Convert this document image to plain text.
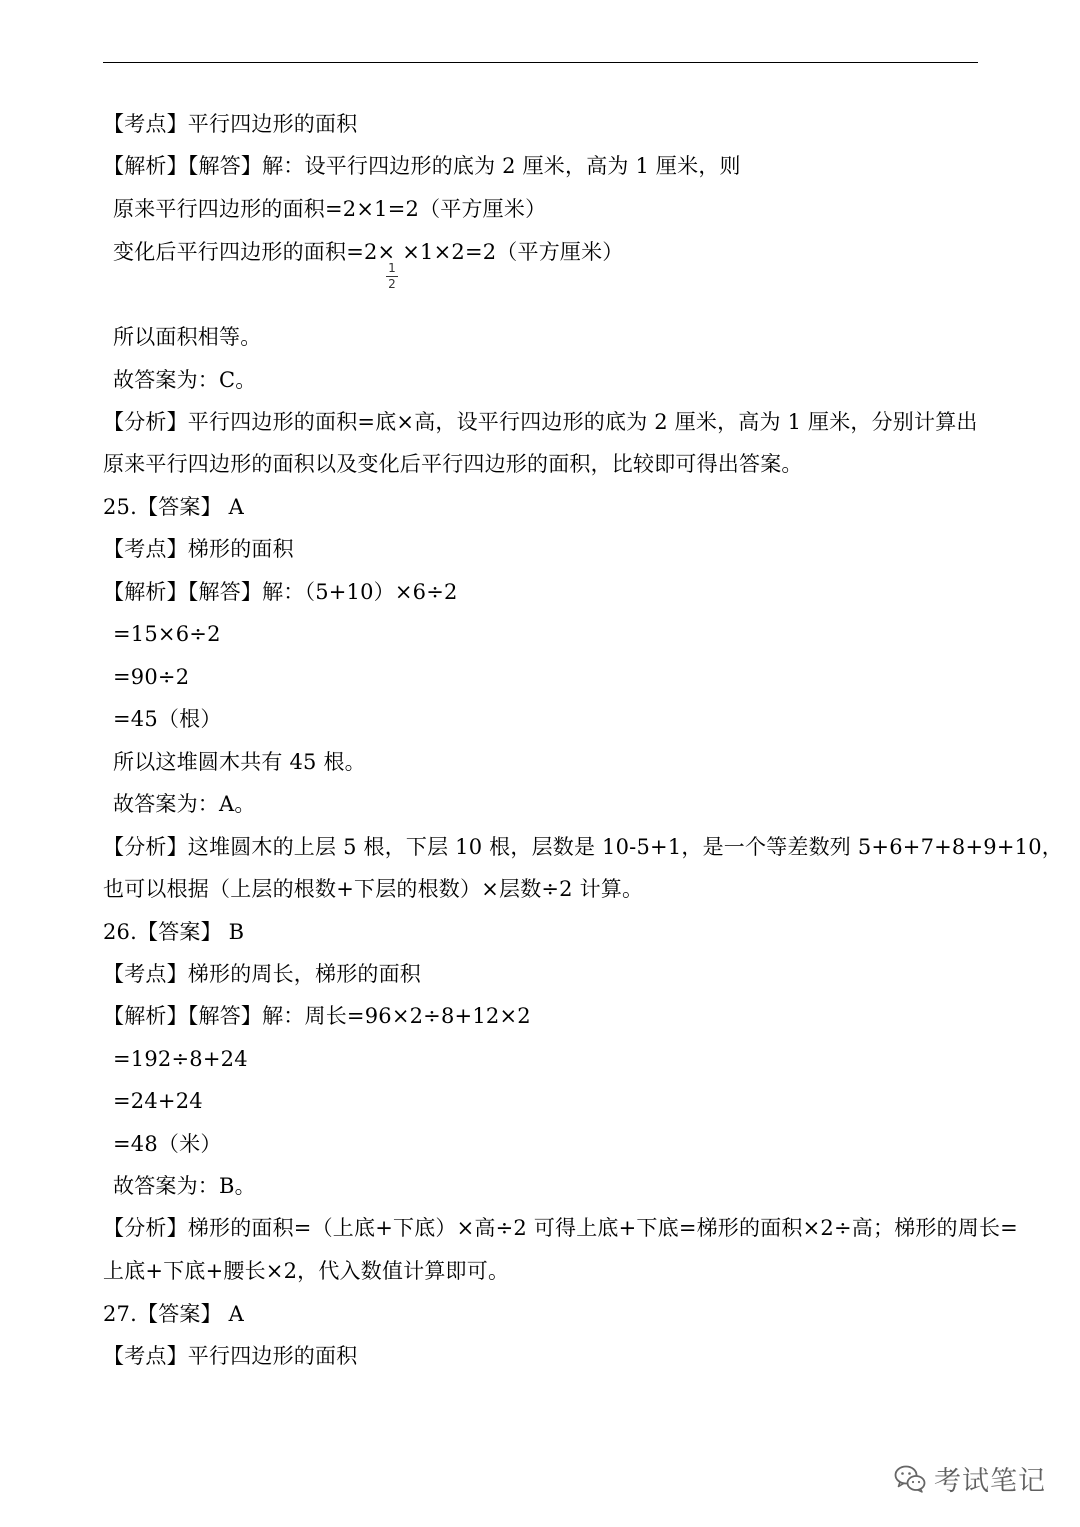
【考点】平行四边形的面积
【解析】【解答】解：设平行四边形的底为 2 厘米，高为 1 厘米，则
原来平行四边形的面积=2×1=2（平方厘米）
变化后平行四边形的面积=2× ×1×2=2（平方厘米）
1
2
所以面积相等。
故答案为：C。
【分析】平行四边形的面积=底×高，设平行四边形的底为 2 厘米，高为 1 厘米，分别计算出
原来平行四边形的面积以及变化后平行四边形的面积，比较即可得出答案。
25.【答案】 A
【考点】梯形的面积
【解析】【解答】解：（5+10）×6÷2
=15×6÷2
=90÷2
=45（根）
所以这堆圆木共有 45 根。
故答案为：A。
【分析】这堆圆木的上层 5 根，下层 10 根，层数是 10-5+1，是一个等差数列 5+6+7+8+9+10，
也可以根据（上层的根数+下层的根数）×层数÷2 计算。
26.【答案】 B
【考点】梯形的周长，梯形的面积
【解析】【解答】解：周长=96×2÷8+12×2
=192÷8+24
=24+24
=48（米）
故答案为：B。
【分析】梯形的面积=（上底+下底）×高÷2 可得上底+下底=梯形的面积×2÷高；梯形的周长=
上底+下底+腰长×2，代入数值计算即可。
27.【答案】 A
【考点】平行四边形的面积
考试笔记
